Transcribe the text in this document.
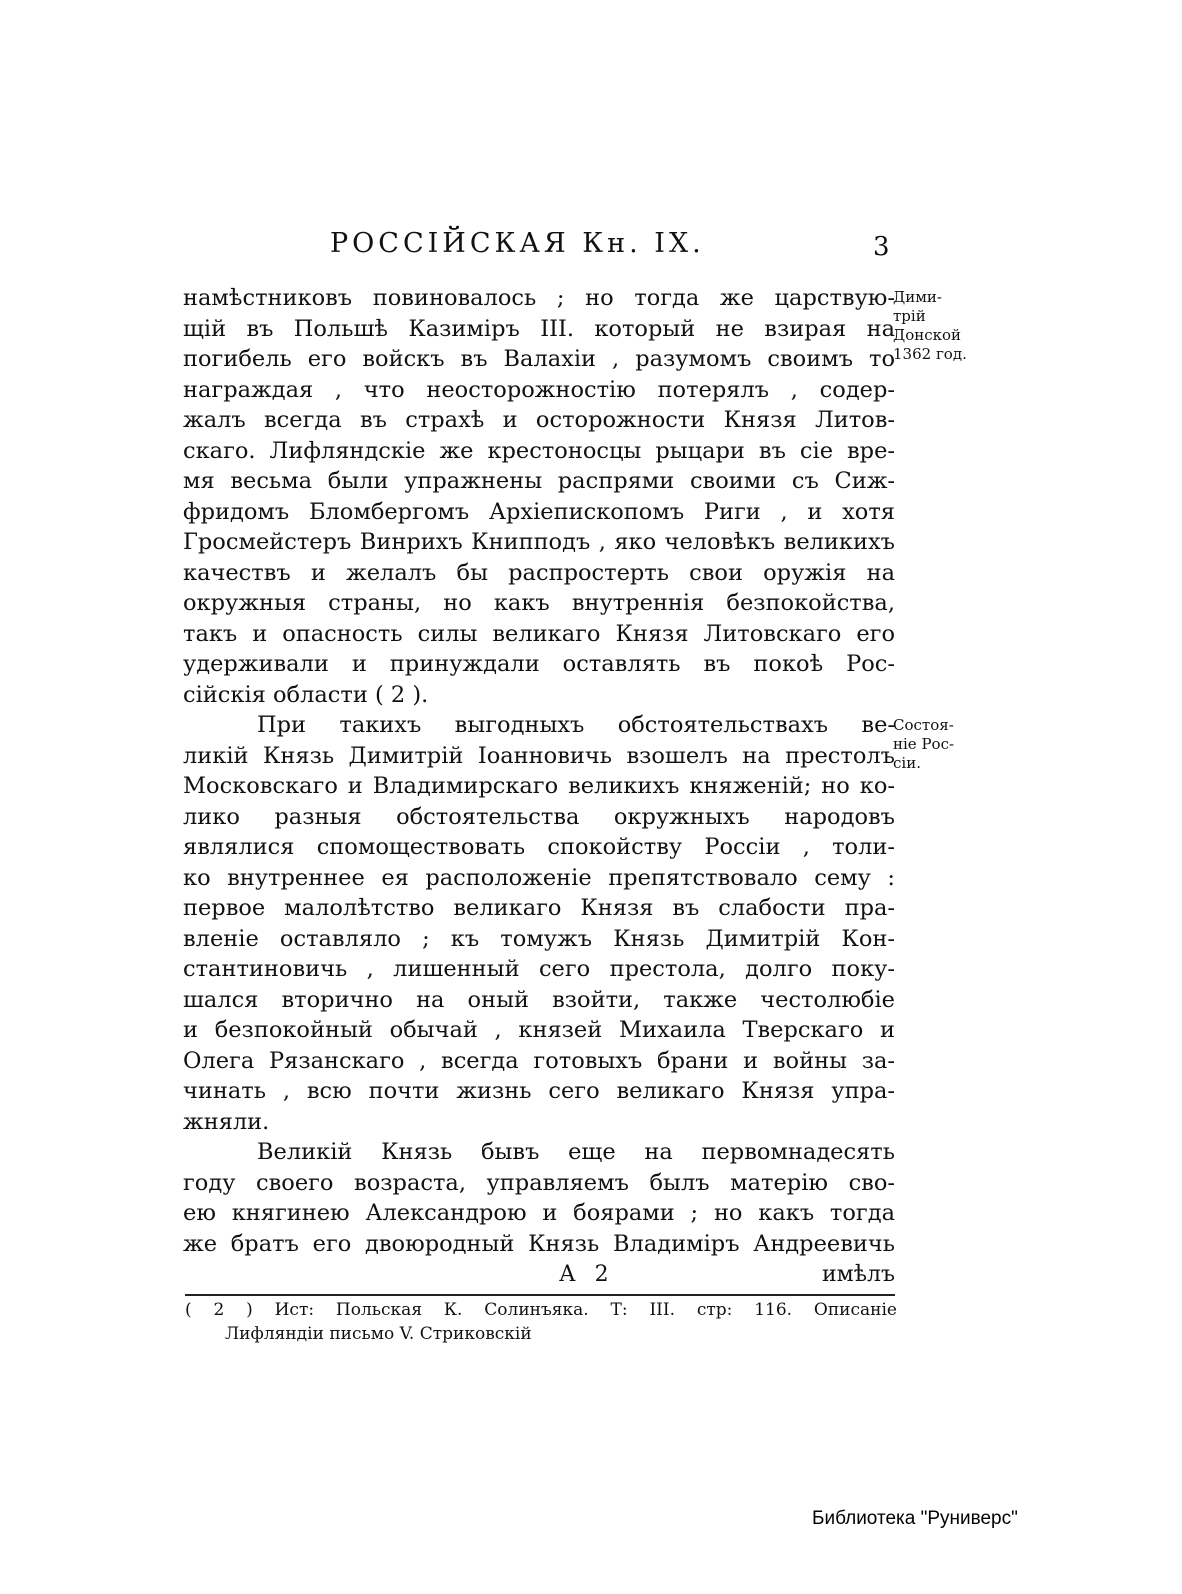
РОССІЙСКАЯ Кн. IX.	3
намѣстниковъ повиновалось ; но тогда же царствую-
щій въ Польшѣ Казиміръ III. который не взирая на
погибель его войскъ въ Валахіи , разумомъ своимъ то
награждая , что неосторожностію потерялъ , содер-
жалъ всегда въ страхѣ и осторожности Князя Литов-
скаго. Лифляндскіе же крестоносцы рыцари въ сіе вре-
мя весьма были упражнены распрями своими съ Сиж-
фридомъ Бломбергомъ Архіепископомъ Риги , и хотя
Гросмейстеръ Винрихъ Книпподъ , яко человѣкъ великихъ
качествъ и желалъ бы распростерть свои оружія на
окружныя страны, но какъ внутреннія безпокойства,
такъ и опасность силы великаго Князя Литовскаго его
удерживали и принуждали оставлять въ покоѣ Рос-
сійскія области ( 2 ).
При такихъ выгодныхъ обстоятельствахъ ве-
ликій Князь Димитрій Іоанновичь взошелъ на престолъ
Московскаго и Владимирскаго великихъ княженій; но ко-
лико разныя обстоятельства окружныхъ народовъ
являлися спомоществовать спокойству Россіи , толи-
ко внутреннее ея расположеніе препятствовало сему :
первое малолѣтство великаго Князя въ слабости пра-
вленіе оставляло ; къ томужъ Князь Димитрій Кон-
стантиновичь , лишенный сего престола, долго поку-
шался вторично на оный взойти, также честолюбіе
и безпокойный обычай , князей Михаила Тверскаго и
Олега Рязанскаго , всегда готовыхъ брани и войны за-
чинать , всю почти жизнь сего великаго Князя упра-
жняли.
Великій Князь бывъ еще на первомнадесять
году своего возраста, управляемъ былъ матерію сво-
ею княгинею Александрою и боярами ; но какъ тогда
же братъ его двоюродный Князь Владиміръ Андреевичь
Дими-
трій
Донской
1362 год.
Состоя-
ніе Рос-
сіи.
А 2	имѣлъ
( 2 ) Ист: Польская К. Солинъяка. Т: III. стр: 116. Описаніе
Лифляндіи письмо V. Стриковскій
Библиотека "Руниверс"
